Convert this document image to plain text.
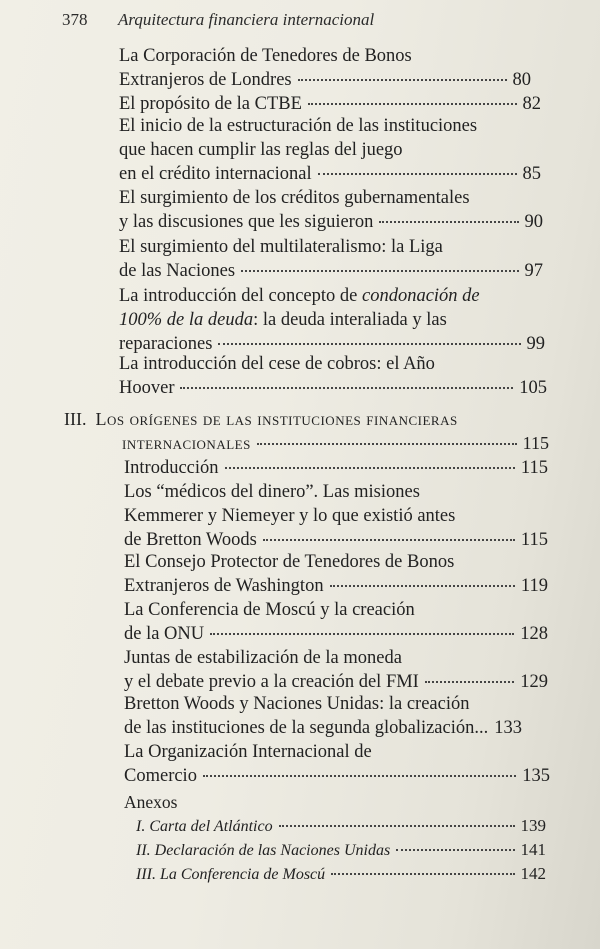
378 Arquitectura financiera internacional
La Corporación de Tenedores de Bonos
Extranjeros de Londres	80
El propósito de la CTBE	82
El inicio de la estructuración de las instituciones
que hacen cumplir las reglas del juego
en el crédito internacional	85
El surgimiento de los créditos gubernamentales
y las discusiones que les siguieron	90
El surgimiento del multilateralismo: la Liga
de las Naciones	97
La introducción del concepto de condonación de
100% de la deuda: la deuda interaliada y las
reparaciones	99
La introducción del cese de cobros: el Año
Hoover	105
III. Los orígenes de las instituciones financieras
internacionales	115
Introducción	115
Los “médicos del dinero”. Las misiones
Kemmerer y Niemeyer y lo que existió antes
de Bretton Woods	115
El Consejo Protector de Tenedores de Bonos
Extranjeros de Washington	119
La Conferencia de Moscú y la creación
de la ONU	128
Juntas de estabilización de la moneda
y el debate previo a la creación del FMI	129
Bretton Woods y Naciones Unidas: la creación
de las instituciones de la segunda globalización... 133
La Organización Internacional de
Comercio	135
Anexos
I. Carta del Atlántico	139
II. Declaración de las Naciones Unidas	141
III. La Conferencia de Moscú	142
